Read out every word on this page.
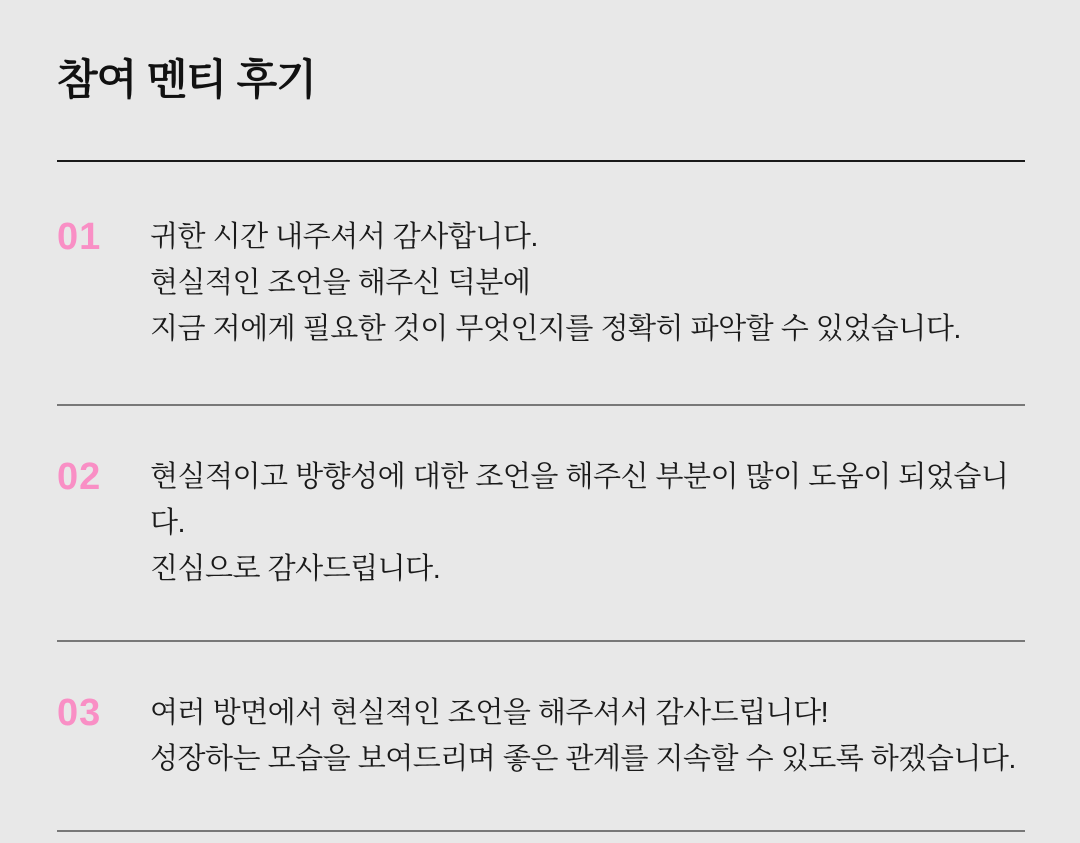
참여 멘티 후기
01	귀한 시간 내주셔서 감사합니다.

현실적인 조언을 해주신 덕분에

지금 저에게 필요한 것이 무엇인지를 정확히 파악할 수 있었습니다.

02	현실적이고 방향성에 대한 조언을 해주신 부분이 많이 도움이 되었습니다.

진심으로 감사드립니다.

03	여러 방면에서 현실적인 조언을 해주셔서 감사드립니다!

성장하는 모습을 보여드리며 좋은 관계를 지속할 수 있도록 하겠습니다.
